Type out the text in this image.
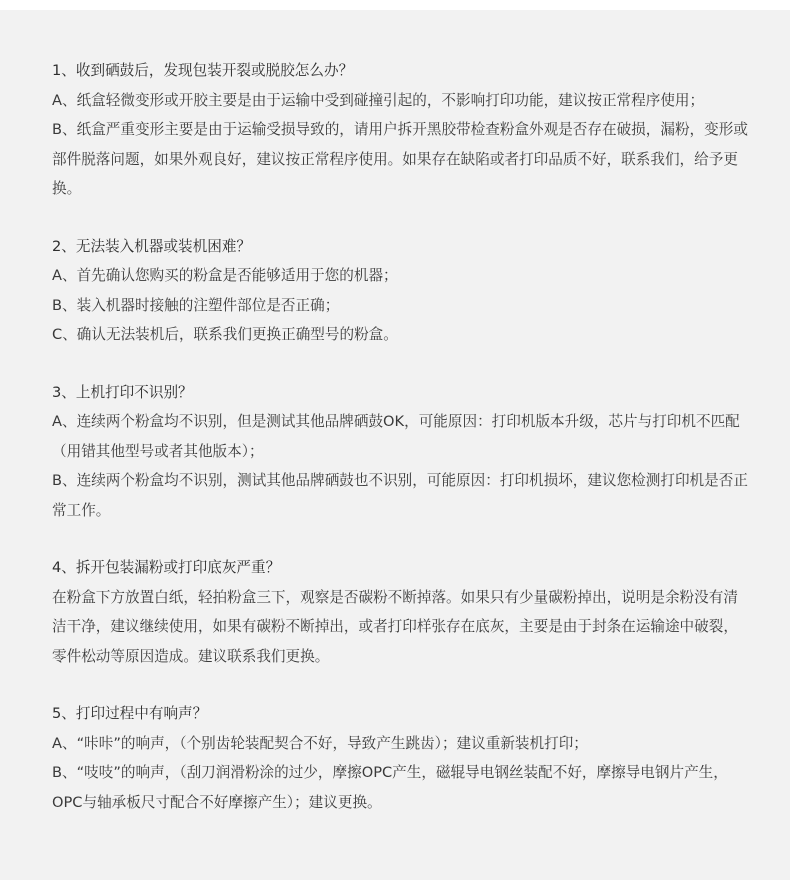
1、收到硒鼓后，发现包装开裂或脱胶怎么办？

A、纸盒轻微变形或开胶主要是由于运输中受到碰撞引起的，不影响打印功能，建议按正常程序使用；

B、纸盒严重变形主要是由于运输受损导致的，请用户拆开黑胶带检查粉盒外观是否存在破损，漏粉，变形或部件脱落问题，如果外观良好，建议按正常程序使用。如果存在缺陷或者打印品质不好，联系我们，给予更换。

2、无法装入机器或装机困难？

A、首先确认您购买的粉盒是否能够适用于您的机器；

B、装入机器时接触的注塑件部位是否正确；

C、确认无法装机后，联系我们更换正确型号的粉盒。

3、上机打印不识别？

A、连续两个粉盒均不识别，但是测试其他品牌硒鼓OK，可能原因：打印机版本升级，芯片与打印机不匹配（用错其他型号或者其他版本）；

B、连续两个粉盒均不识别，测试其他品牌硒鼓也不识别，可能原因：打印机损坏，建议您检测打印机是否正常工作。

4、拆开包装漏粉或打印底灰严重？

在粉盒下方放置白纸，轻拍粉盒三下，观察是否碳粉不断掉落。如果只有少量碳粉掉出，说明是余粉没有清洁干净，建议继续使用，如果有碳粉不断掉出，或者打印样张存在底灰，主要是由于封条在运输途中破裂，零件松动等原因造成。建议联系我们更换。

5、打印过程中有响声？

A、“咔咔”的响声，（个别齿轮装配契合不好，导致产生跳齿）；建议重新装机打印；

B、“吱吱”的响声，（刮刀润滑粉涂的过少，摩擦OPC产生，磁辊导电钢丝装配不好，摩擦导电钢片产生，OPC与轴承板尺寸配合不好摩擦产生）；建议更换。
